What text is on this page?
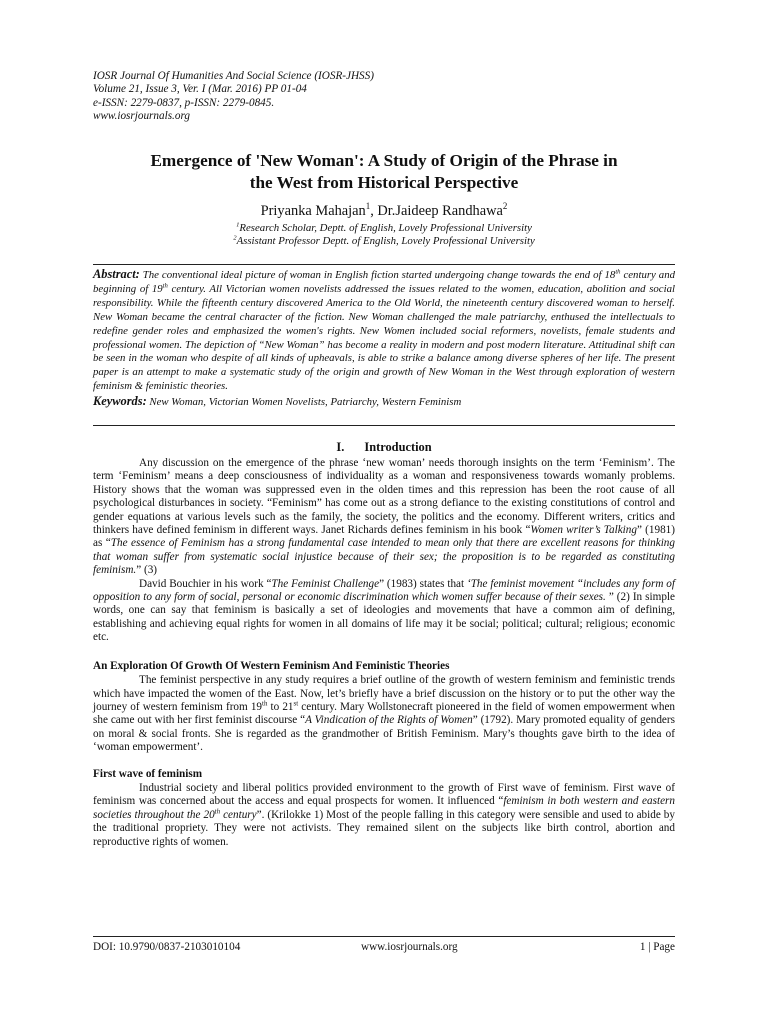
IOSR Journal Of Humanities And Social Science (IOSR-JHSS)
Volume 21, Issue 3, Ver. I (Mar. 2016) PP 01-04
e-ISSN: 2279-0837, p-ISSN: 2279-0845.
www.iosrjournals.org
Emergence of 'New Woman': A Study of Origin of the Phrase in
the West from Historical Perspective
Priyanka Mahajan$^1$, Dr.Jaideep Randhawa$^2$
$^1$Research Scholar, Deptt. of English, Lovely Professional University
$^2$Assistant Professor Deptt. of English, Lovely Professional University

Abstract: The conventional ideal picture of woman in English fiction started undergoing change towards the end of 18th century and beginning of 19th century. All Victorian women novelists addressed the issues related to the women, education, abolition and social responsibility. While the fifteenth century discovered America to the Old World, the nineteenth century discovered woman to herself. New Woman became the central character of the fiction. New Woman challenged the male patriarchy, enthused the intellectuals to redefine gender roles and emphasized the women's rights. New Women included social reformers, novelists, female students and professional women. The depiction of “New Woman” has become a reality in modern and post modern literature. Attitudinal shift can be seen in the woman who despite of all kinds of upheavals, is able to strike a balance among diverse spheres of her life. The present paper is an attempt to make a systematic study of the origin and growth of New Woman in the West through exploration of western feminism & feministic theories.

Keywords: New Woman, Victorian Women Novelists, Patriarchy, Western Feminism

I. Introduction

Any discussion on the emergence of the phrase ‘new woman’ needs thorough insights on the term ‘Feminism’. The term ‘Feminism’ means a deep consciousness of individuality as a woman and responsiveness towards womanly problems. History shows that the woman was suppressed even in the olden times and this repression has been the root cause of all psychological disturbances in society. “Feminism” has come out as a strong defiance to the existing constitutions of control and gender equations at various levels such as the family, the society, the politics and the economy. Different writers, critics and thinkers have defined feminism in different ways. Janet Richards defines feminism in his book “Women writer’s Talking” (1981) as “The essence of Feminism has a strong fundamental case intended to mean only that there are excellent reasons for thinking that woman suffer from systematic social injustice because of their sex; the proposition is to be regarded as constituting feminism.” (3)

David Bouchier in his work “The Feminist Challenge” (1983) states that ‘The feminist movement “includes any form of opposition to any form of social, personal or economic discrimination which women suffer because of their sexes. ” (2) In simple words, one can say that feminism is basically a set of ideologies and movements that have a common aim of defining, establishing and achieving equal rights for women in all domains of life may it be social; political; cultural; religious; economic etc.

An Exploration Of Growth Of Western Feminism And Feministic Theories

The feminist perspective in any study requires a brief outline of the growth of western feminism and feministic trends which have impacted the women of the East. Now, let’s briefly have a brief discussion on the history or to put the other way the journey of western feminism from 19th to 21st century. Mary Wollstonecraft pioneered in the field of women empowerment when she came out with her first feminist discourse “A Vindication of the Rights of Women” (1792). Mary promoted equality of genders on moral & social fronts. She is regarded as the grandmother of British Feminism. Mary’s thoughts gave birth to the idea of ‘woman empowerment’.

First wave of feminism

Industrial society and liberal politics provided environment to the growth of First wave of feminism. First wave of feminism was concerned about the access and equal prospects for women. It influenced “feminism in both western and eastern societies throughout the 20th century”. (Krilokke 1) Most of the people falling in this category were sensible and used to abide by the traditional propriety. They were not activists. They remained silent on the subjects like birth control, abortion and reproductive rights of women.

DOI: 10.9790/0837-2103010104	www.iosrjournals.org	1 | Page
